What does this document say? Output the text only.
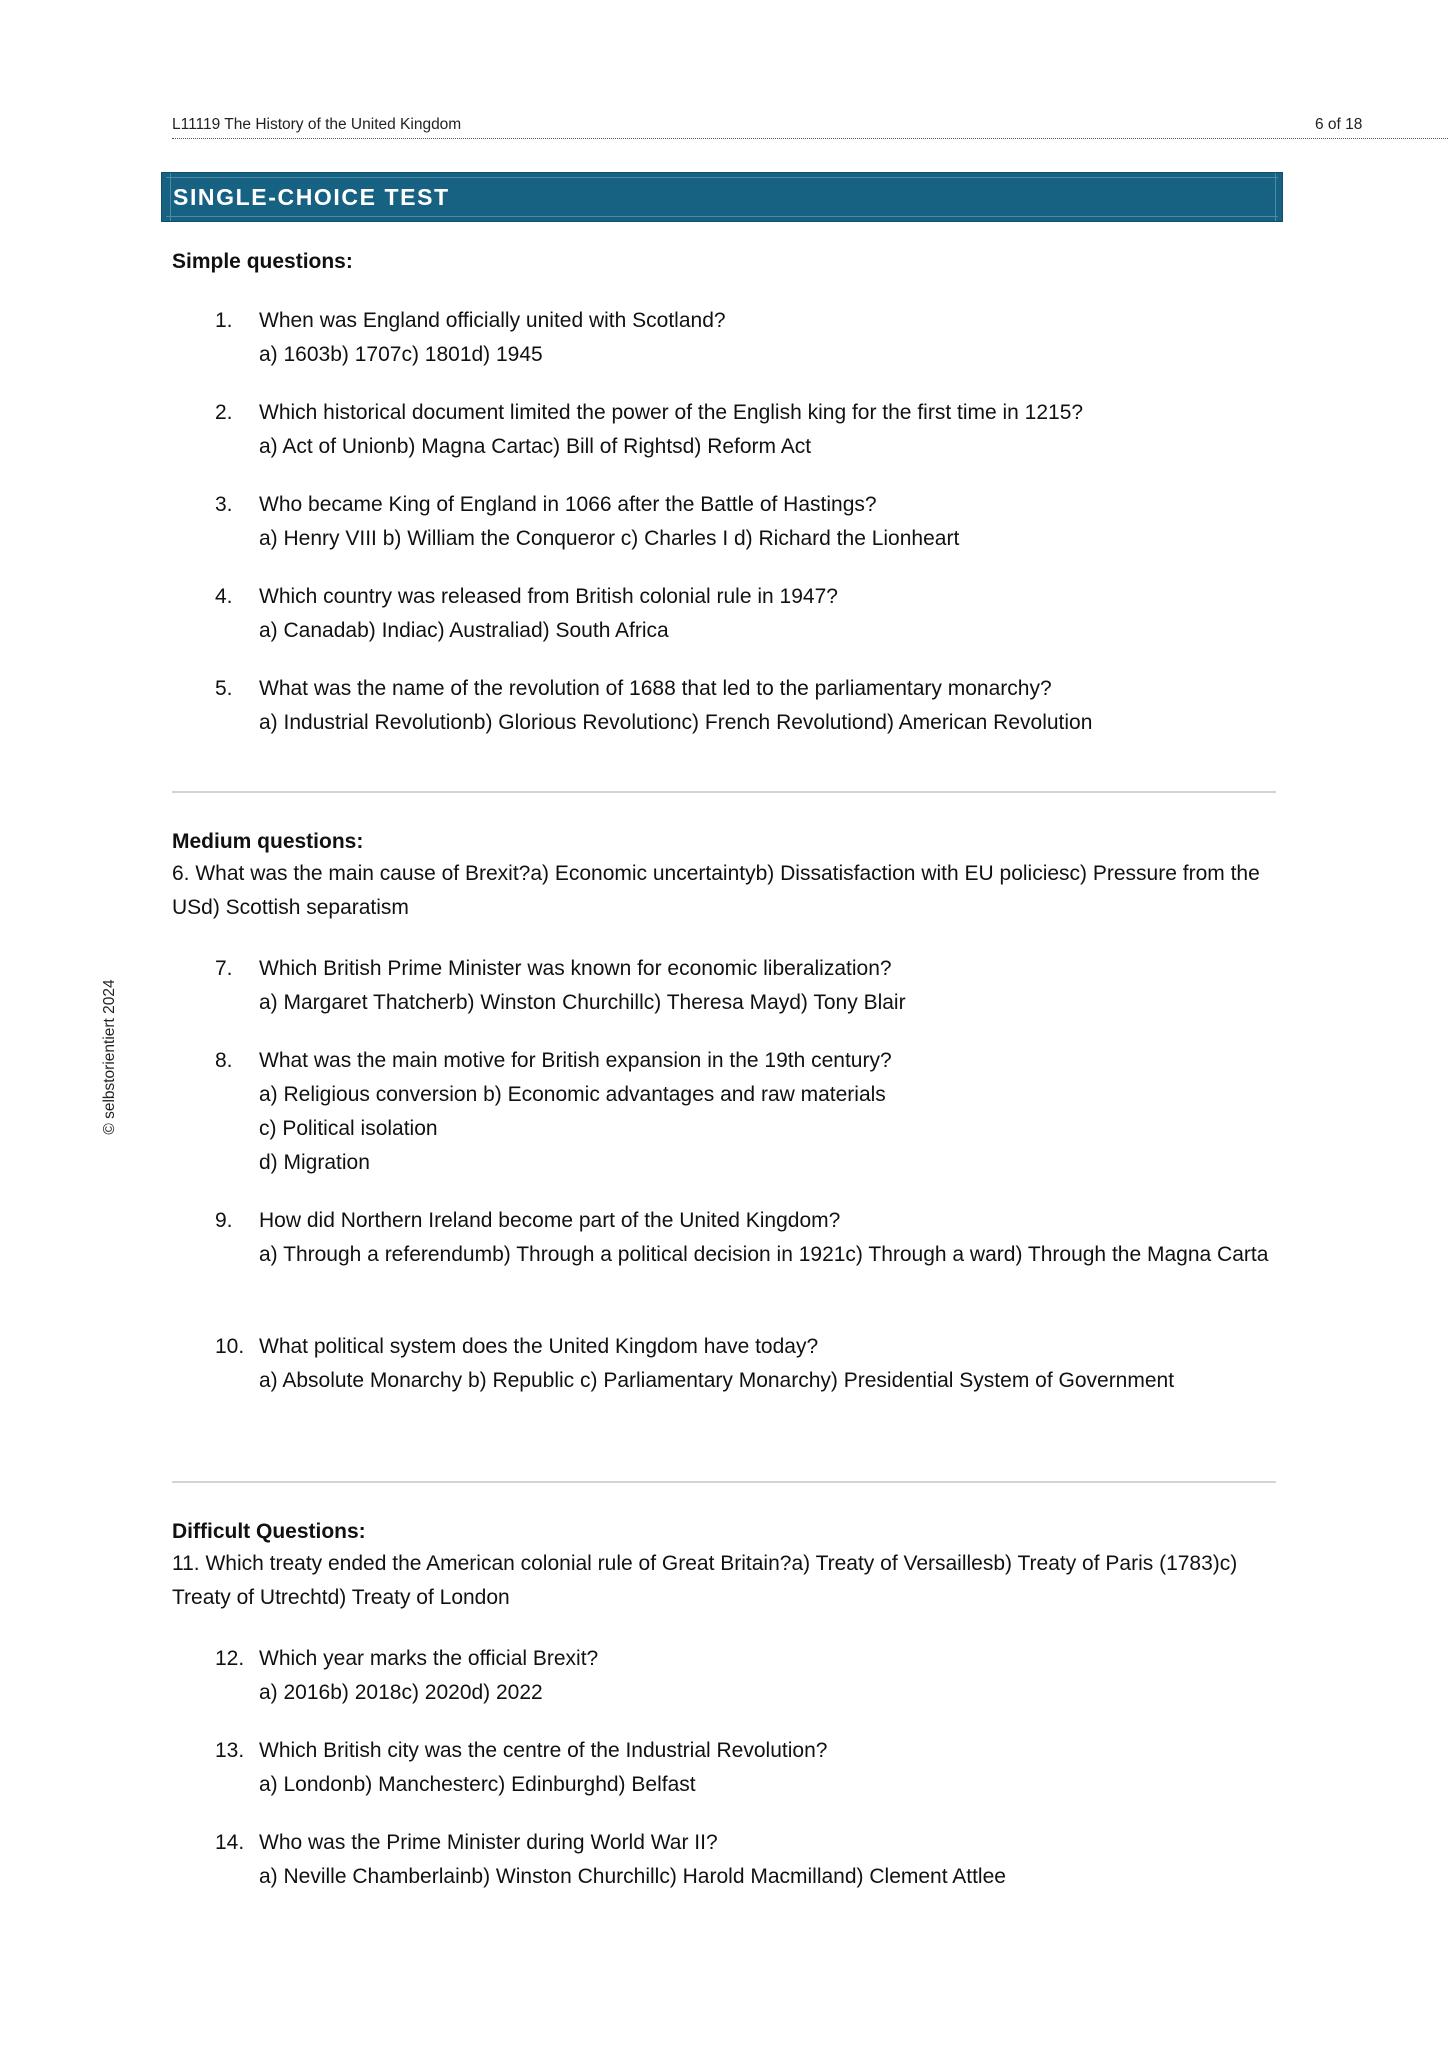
L11119 The History of the United Kingdom	6 of 18
SINGLE-CHOICE TEST
© selbstorientiert 2024
Simple questions:
1. When was England officially united with Scotland?
a) 1603b) 1707c) 1801d) 1945
2. Which historical document limited the power of the English king for the first time in 1215?
a) Act of Unionb) Magna Cartac) Bill of Rightsd) Reform Act
3. Who became King of England in 1066 after the Battle of Hastings?
a) Henry VIII b) William the Conqueror c) Charles I d) Richard the Lionheart
4. Which country was released from British colonial rule in 1947?
a) Canadab) Indiac) Australiad) South Africa
5. What was the name of the revolution of 1688 that led to the parliamentary monarchy?
a) Industrial Revolutionb) Glorious Revolutionc) French Revolutiond) American Revolution
Medium questions:
6. What was the main cause of Brexit?a) Economic uncertaintyb) Dissatisfaction with EU policiesc) Pressure from the USd) Scottish separatism
7. Which British Prime Minister was known for economic liberalization?
a) Margaret Thatcherb) Winston Churchillc) Theresa Mayd) Tony Blair
8. What was the main motive for British expansion in the 19th century?
a) Religious conversion b) Economic advantages and raw materials
c) Political isolation
d) Migration
9. How did Northern Ireland become part of the United Kingdom?
a) Through a referendumb) Through a political decision in 1921c) Through a ward) Through the Magna Carta
10. What political system does the United Kingdom have today?
a) Absolute Monarchy b) Republic c) Parliamentary Monarchy) Presidential System of Government
Difficult Questions:
11. Which treaty ended the American colonial rule of Great Britain?a) Treaty of Versaillesb) Treaty of Paris (1783)c) Treaty of Utrechtd) Treaty of London
12. Which year marks the official Brexit?
a) 2016b) 2018c) 2020d) 2022
13. Which British city was the centre of the Industrial Revolution?
a) Londonb) Manchesterc) Edinburghd) Belfast
14. Who was the Prime Minister during World War II?
a) Neville Chamberlainb) Winston Churchillc) Harold Macmilland) Clement Attlee
